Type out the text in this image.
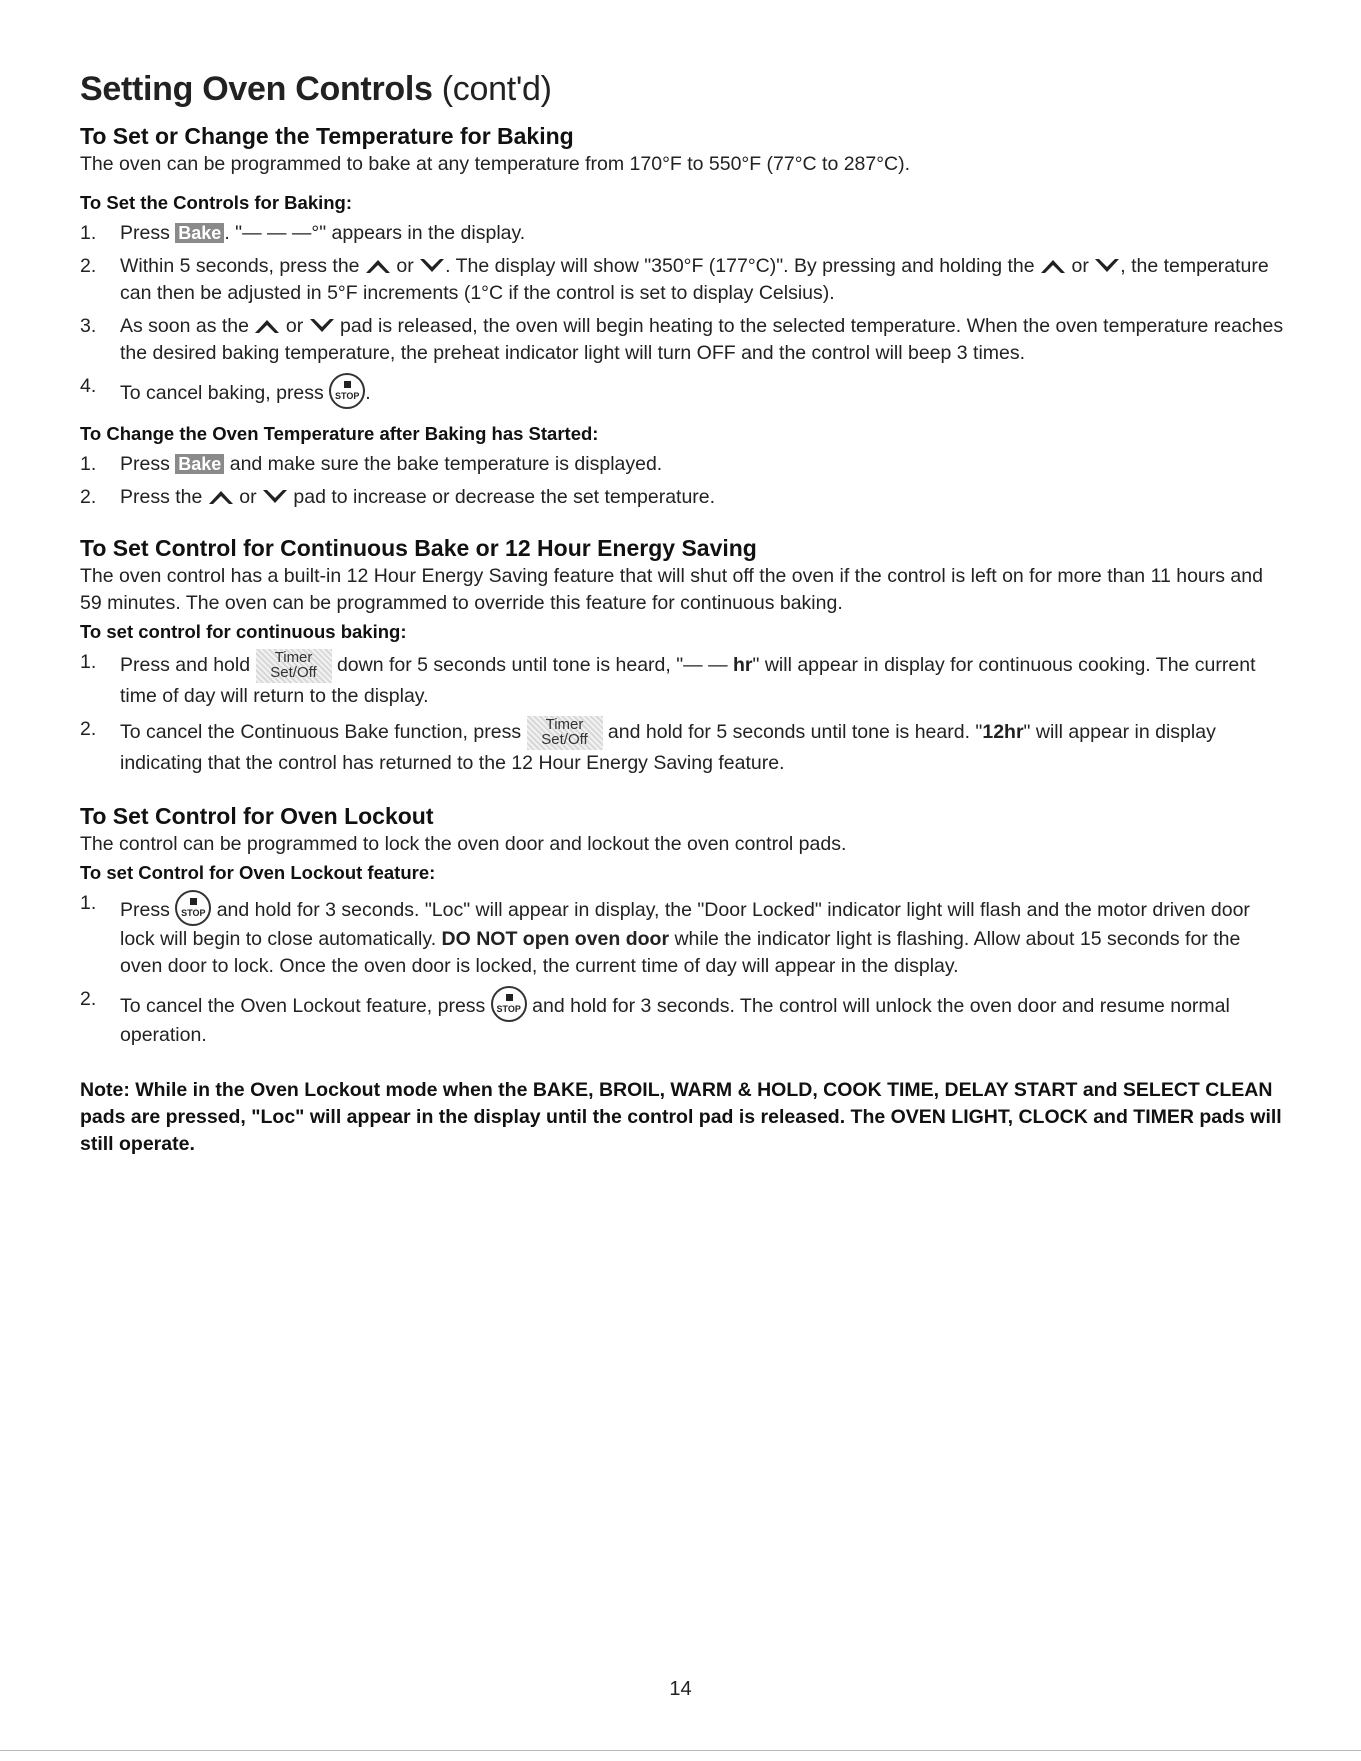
Setting Oven Controls (cont'd)
To Set or Change the Temperature for Baking

The oven can be programmed to bake at any temperature from 170°F to 550°F (77°C to 287°C).

To Set the Controls for Baking:
1. Press Bake . "— — —°" appears in the display.
2. Within 5 seconds, press the or . The display will show "350°F (177°C)". By pressing and holding the or , the temperature can then be adjusted in 5°F increments (1°C if the control is set to display Celsius).
3. As soon as the or pad is released, the oven will begin heating to the selected temperature. When the oven temperature reaches the desired baking temperature, the preheat indicator light will turn OFF and the control will beep 3 times.
4. To cancel baking, press	STOP .
To Change the Oven Temperature after Baking has Started:
1. Press Bake and make sure the bake temperature is displayed.
2. Press the or pad to increase or decrease the set temperature.
To Set Control for Continuous Bake or 12 Hour Energy Saving

The oven control has a built-in 12 Hour Energy Saving feature that will shut off the oven if the control is left on for more than 11 hours and 59 minutes. The oven can be programmed to override this feature for continuous baking.

To set control for continuous baking:
1. Press and hold	Timer
Set/Off	down for 5 seconds until tone is heard, "— — hr" will appear in display for continuous cooking. The current time of day will return to the display.
2. To cancel the Continuous Bake function, press	Timer
Set/Off	and hold for 5 seconds until tone is heard. "12hr" will appear in display indicating that the control has returned to the 12 Hour Energy Saving feature.
To Set Control for Oven Lockout

The control can be programmed to lock the oven door and lockout the oven control pads.

To set Control for Oven Lockout feature:
1. Press	STOP and hold for 3 seconds. "Loc" will appear in display, the "Door Locked" indicator light will flash and the motor driven door lock will begin to close automatically. DO NOT open oven door while the indicator light is flashing. Allow about 15 seconds for the oven door to lock. Once the oven door is locked, the current time of day will appear in the display.
2. To cancel the Oven Lockout feature, press	STOP and hold for 3 seconds. The control will unlock the oven door and resume normal operation.

Note: While in the Oven Lockout mode when the BAKE, BROIL, WARM & HOLD, COOK TIME, DELAY START and SELECT CLEAN pads are pressed, "Loc" will appear in the display until the control pad is released. The OVEN LIGHT, CLOCK and TIMER pads will still operate.

14
